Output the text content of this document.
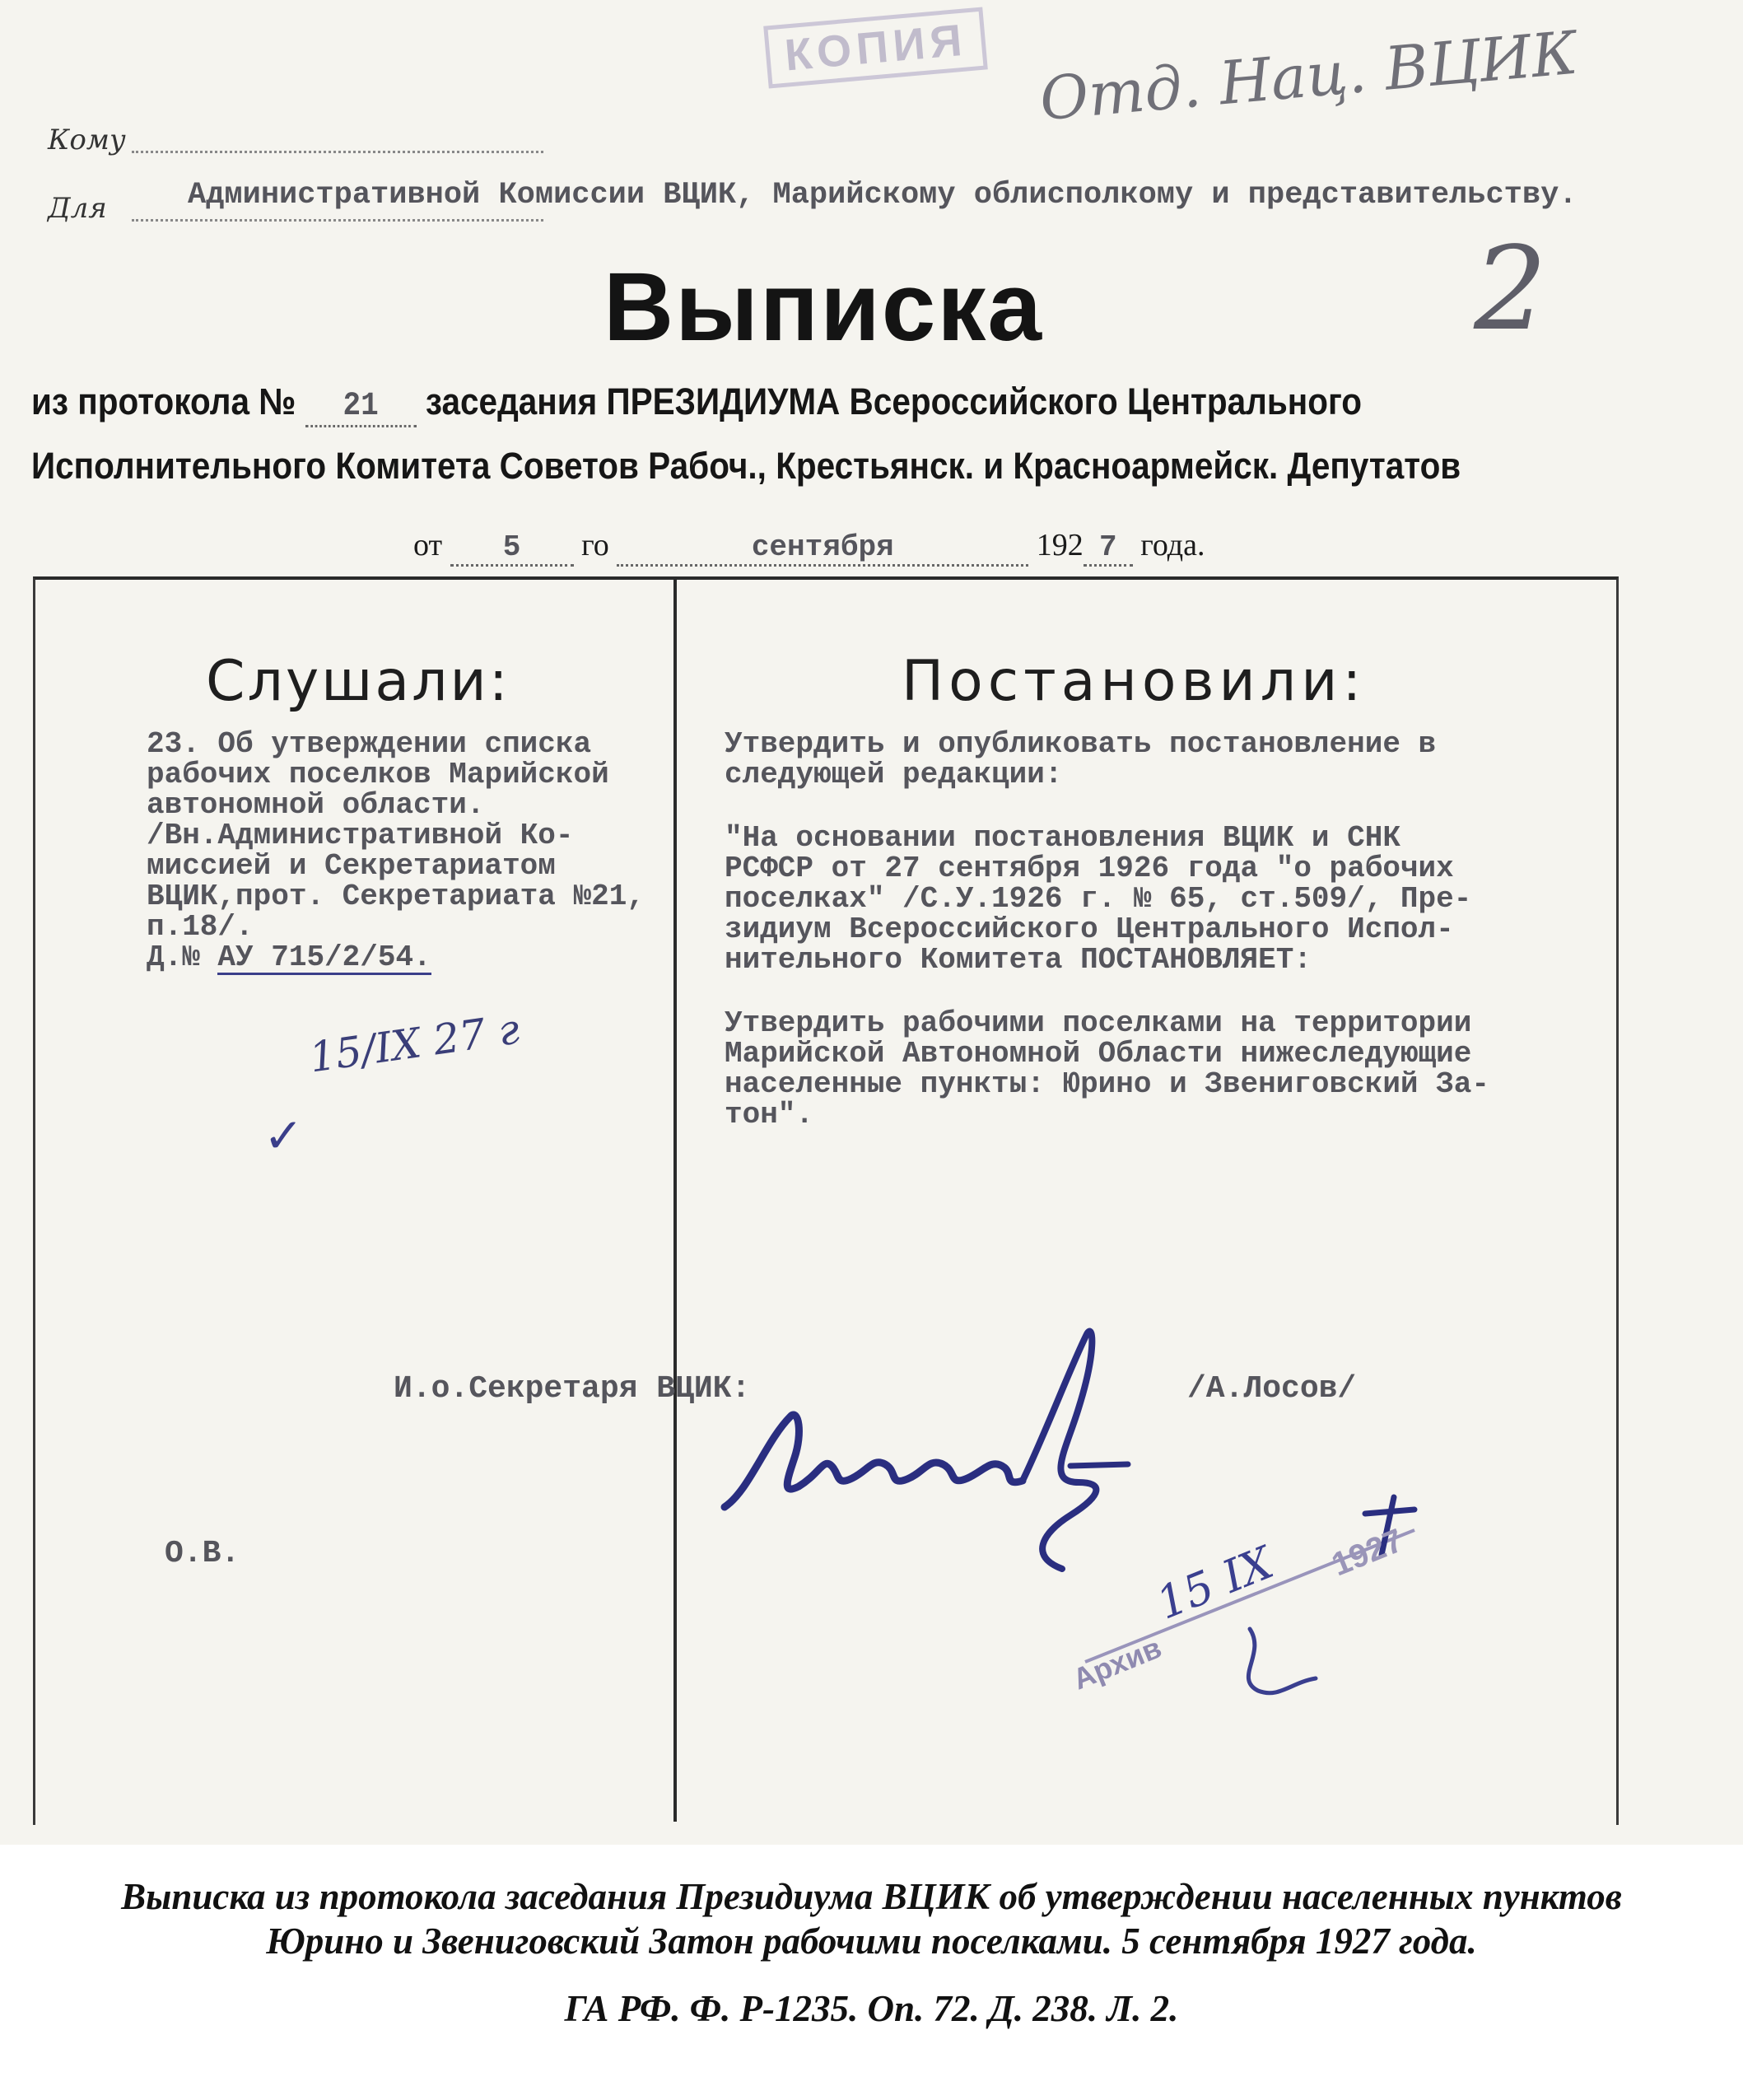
КОПИЯ	Отд. Нац. ВЦИК
2
Кому
Для	Административной Комиссии ВЦИК, Марийскому облисполкому и представительству.
Выписка
из протокола № 21 заседания ПРЕЗИДИУМА Всероссийского Центрального
Исполнительного Комитета Советов Рабоч., Крестьянск. и Красноармейск. Депутатов
от 5 го	сентября	192 7 года.
Слушали:	Постановили:
23. Об утверждении списка
рабочих поселков Марийской
автономной области.
/Вн.Административной Ко-
миссией и Секретариатом
ВЦИК,прот. Секретариата №21,
п.18/.
Д.№ АУ 715/2/54.
15/IX 27 г
✓
Утвердить и опубликовать постановление в
следующей редакции:
"На основании постановления ВЦИК и СНК
РСФСР от 27 сентября 1926 года "о рабочих
поселках" /С.У.1926 г. № 65, ст.509/, Пре-
зидиум Всероссийского Центрального Испол-
нительного Комитета ПОСТАНОВЛЯЕТ:
Утвердить рабочими поселками на территории
Марийской Автономной Области нижеследующие
населенные пункты: Юрино и Звениговский За-
тон".
И.о.Секретаря ВЦИК:	/А.Лосов/
О.В.
Архив
15 IX 1927
Выписка из протокола заседания Президиума ВЦИК об утверждении населенных пунктов
Юрино и Звениговский Затон рабочими поселками. 5 сентября 1927 года.
ГА РФ. Ф. Р-1235. Оп. 72. Д. 238. Л. 2.
